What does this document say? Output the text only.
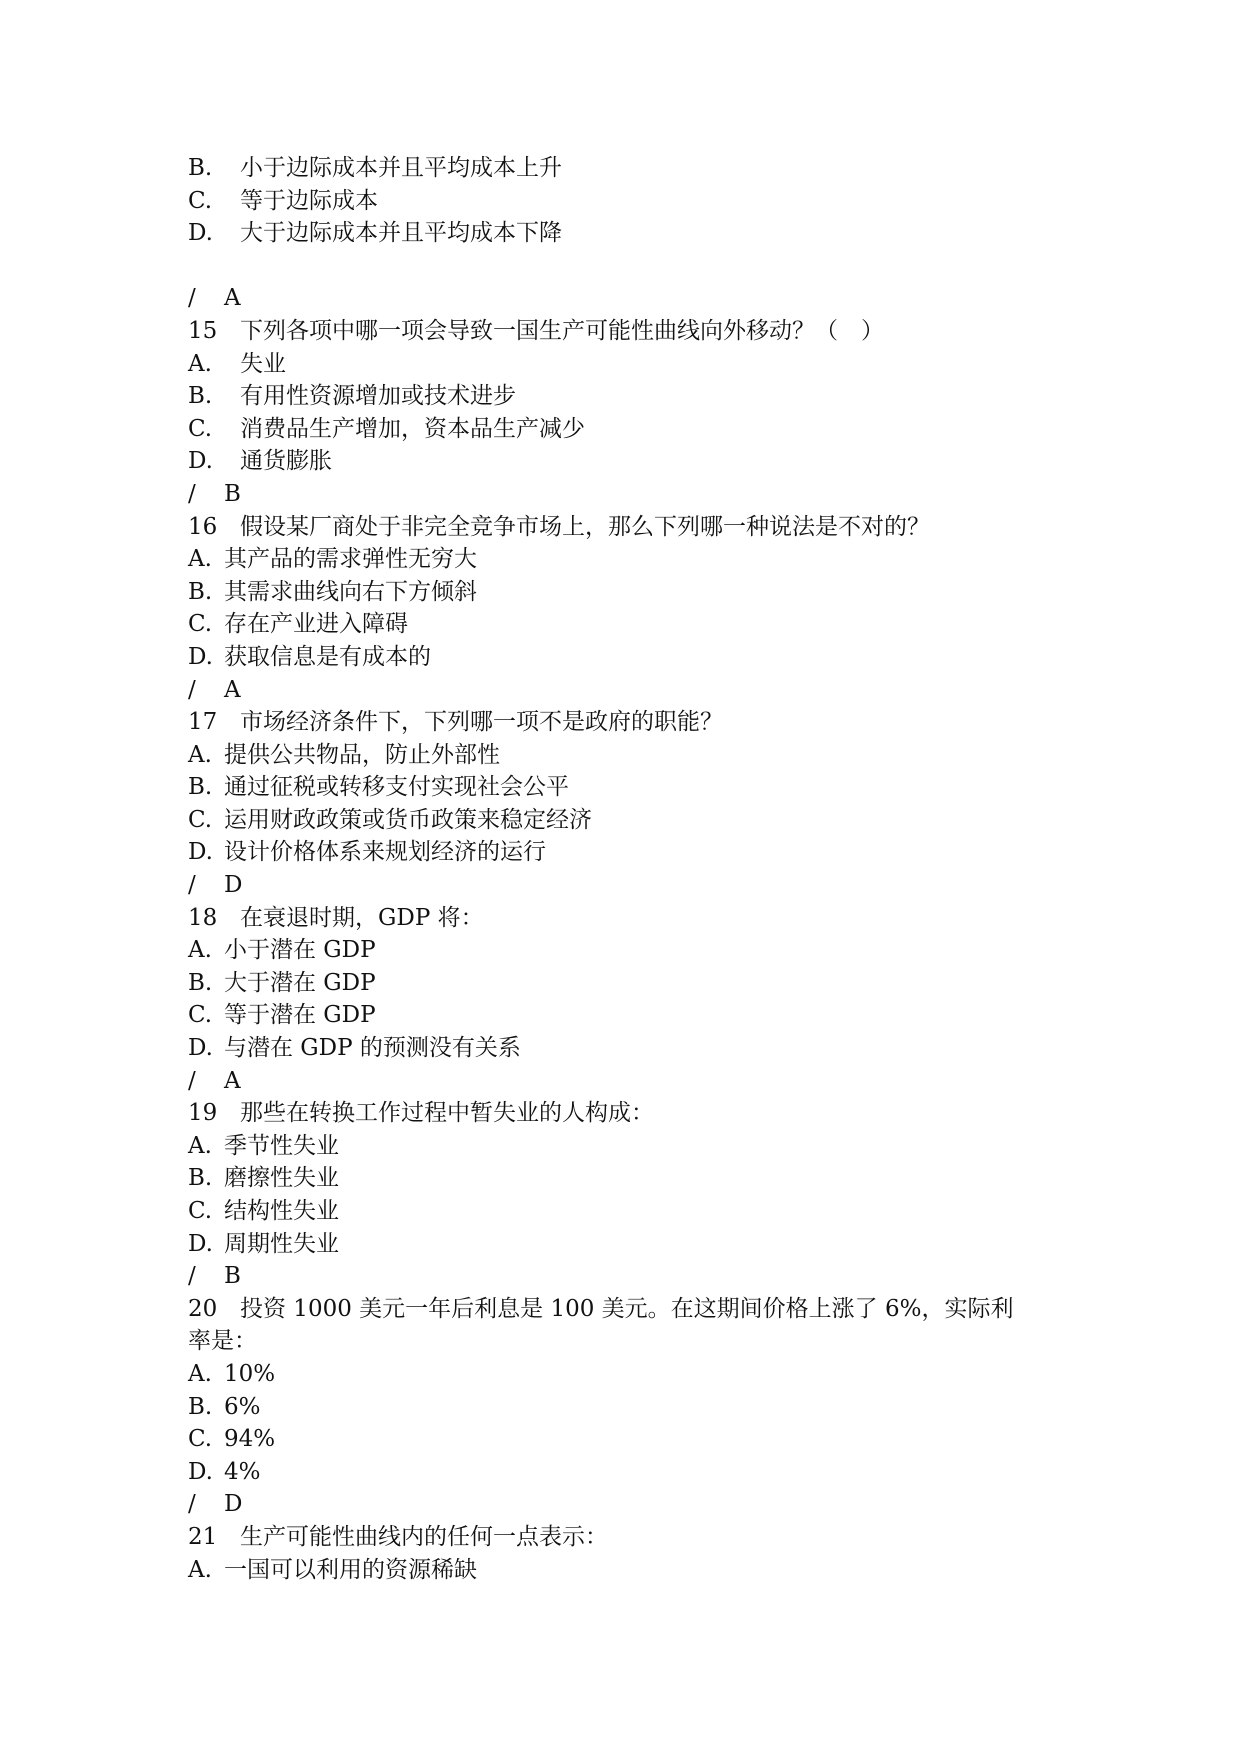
B.	小于边际成本并且平均成本上升
C.	等于边际成本
D.	大于边际成本并且平均成本下降
/	A
15 下列各项中哪一项会导致一国生产可能性曲线向外移动？（　）
A.	失业
B.	有用性资源增加或技术进步
C.	消费品生产增加，资本品生产减少
D.	通货膨胀
/	B
16 假设某厂商处于非完全竞争市场上，那么下列哪一种说法是不对的？
A. 其产品的需求弹性无穷大
B. 其需求曲线向右下方倾斜
C. 存在产业进入障碍
D. 获取信息是有成本的
/	A
17 市场经济条件下，下列哪一项不是政府的职能？
A. 提供公共物品，防止外部性
B. 通过征税或转移支付实现社会公平
C. 运用财政政策或货币政策来稳定经济
D. 设计价格体系来规划经济的运行
/	D
18 在衰退时期，GDP 将：
A. 小于潜在 GDP
B. 大于潜在 GDP
C. 等于潜在 GDP
D. 与潜在 GDP 的预测没有关系
/	A
19 那些在转换工作过程中暂失业的人构成：
A. 季节性失业
B. 磨擦性失业
C. 结构性失业
D. 周期性失业
/	B
20 投资 1000 美元一年后利息是 100 美元。在这期间价格上涨了 6%，实际利
率是：
A. 10%
B. 6%
C. 94%
D. 4%
/	D
21 生产可能性曲线内的任何一点表示：
A. 一国可以利用的资源稀缺
